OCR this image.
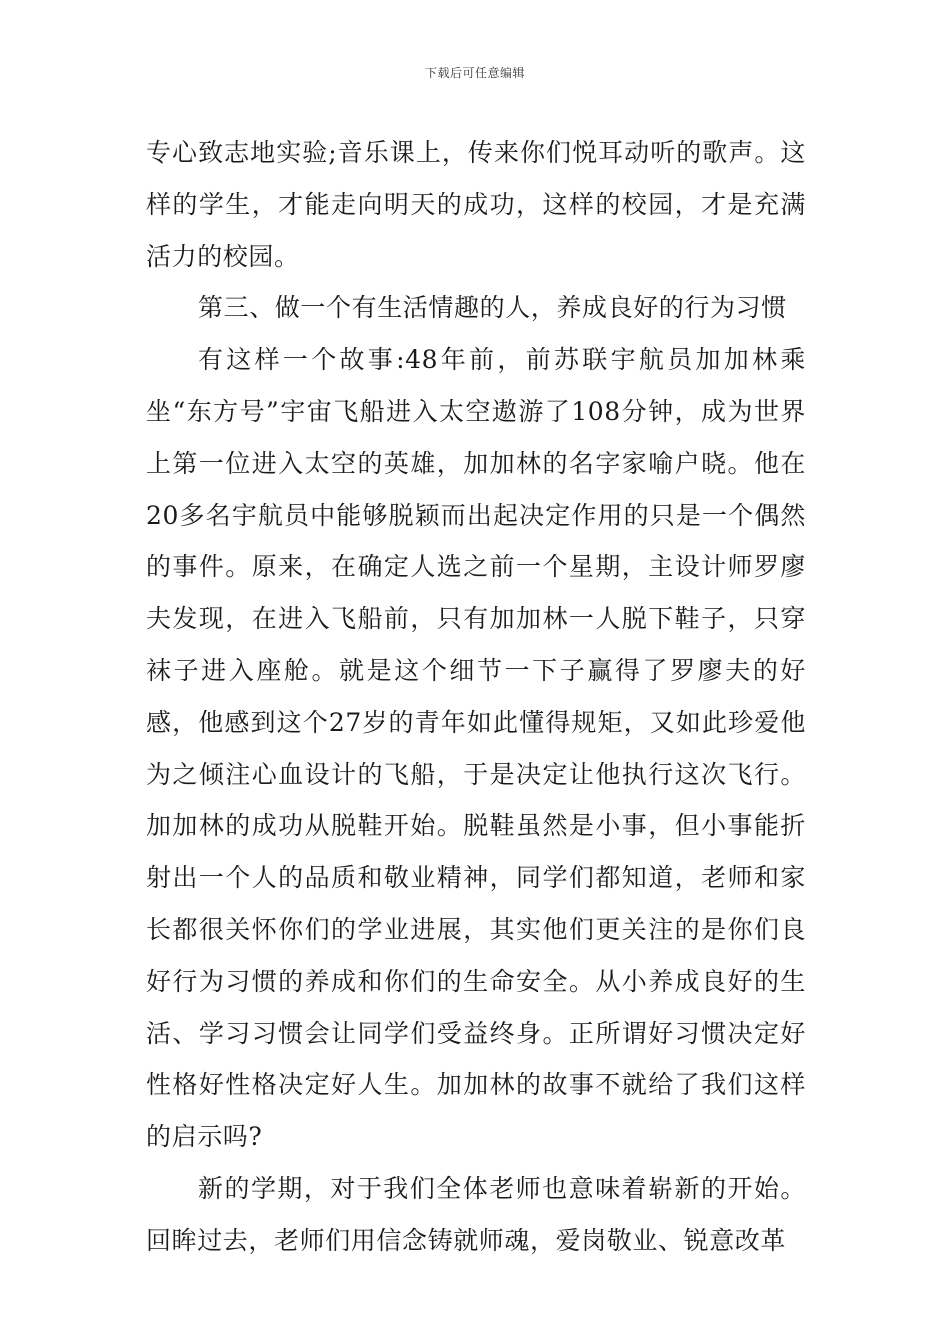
下载后可任意编辑

专心致志地实验;音乐课上，传来你们悦耳动听的歌声。这样的学生，才能走向明天的成功，这样的校园，才是充满活力的校园。

第三、做一个有生活情趣的人，养成良好的行为习惯

有这样一个故事:48年前，前苏联宇航员加加林乘坐“东方号”宇宙飞船进入太空遨游了108分钟，成为世界上第一位进入太空的英雄，加加林的名字家喻户晓。他在20多名宇航员中能够脱颖而出起决定作用的只是一个偶然的事件。原来，在确定人选之前一个星期，主设计师罗廖夫发现，在进入飞船前，只有加加林一人脱下鞋子，只穿袜子进入座舱。就是这个细节一下子赢得了罗廖夫的好感，他感到这个27岁的青年如此懂得规矩，又如此珍爱他为之倾注心血设计的飞船，于是决定让他执行这次飞行。加加林的成功从脱鞋开始。脱鞋虽然是小事，但小事能折射出一个人的品质和敬业精神，同学们都知道，老师和家长都很关怀你们的学业进展，其实他们更关注的是你们良好行为习惯的养成和你们的生命安全。从小养成良好的生活、学习习惯会让同学们受益终身。正所谓好习惯决定好性格好性格决定好人生。加加林的故事不就给了我们这样的启示吗?

新的学期，对于我们全体老师也意味着崭新的开始。回眸过去，老师们用信念铸就师魂，爱岗敬业、锐意改革
